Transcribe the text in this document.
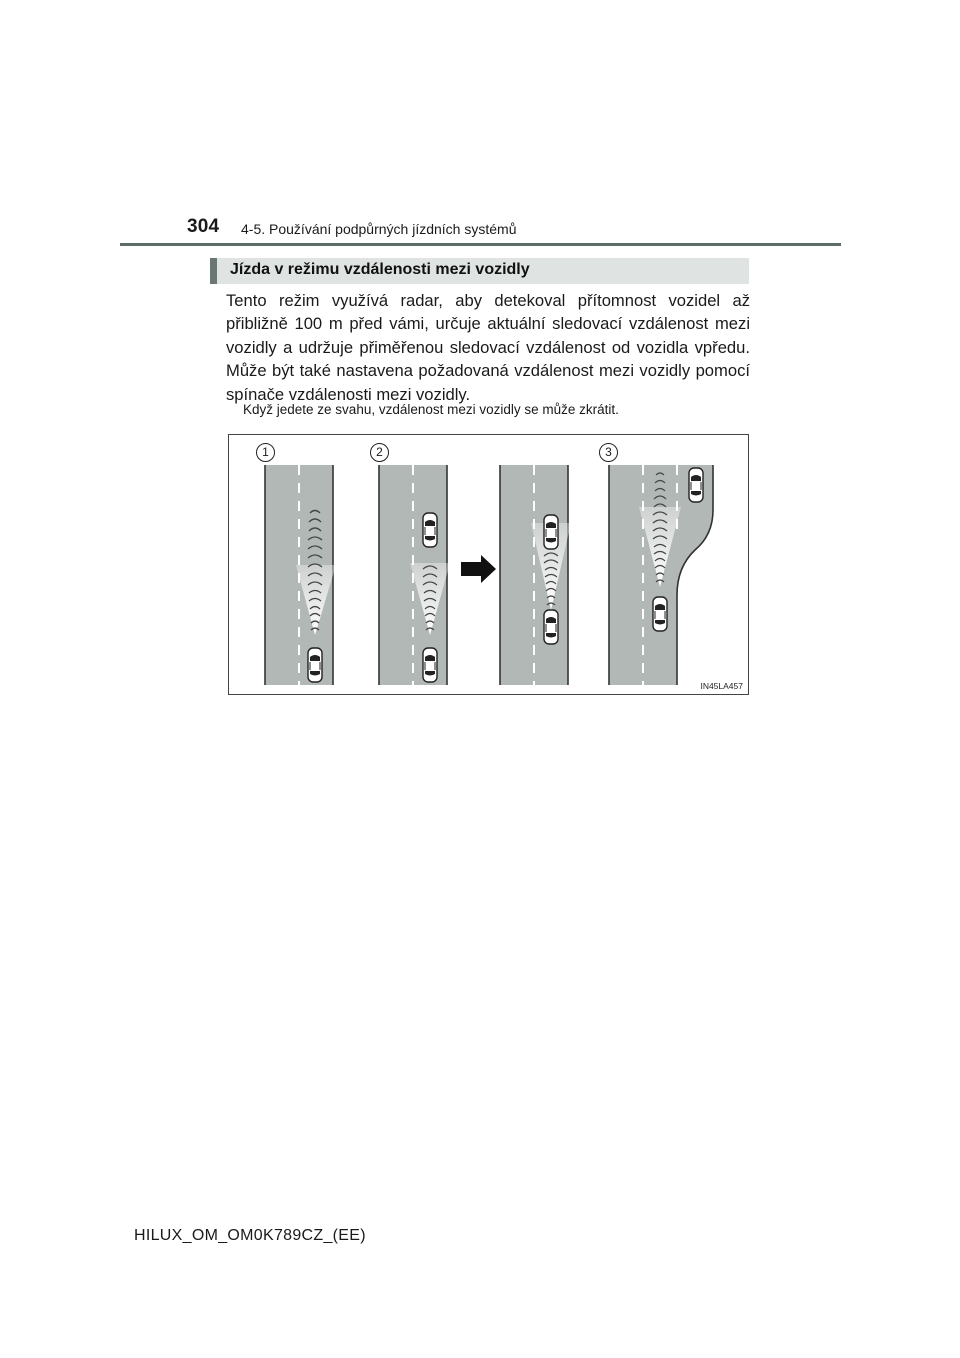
304 4-5. Používání podpůrných jízdních systémů
Jízda v režimu vzdálenosti mezi vozidly
Tento režim využívá radar, aby detekoval přítomnost vozidel až přibližně 100 m před vámi, určuje aktuální sledovací vzdálenost mezi vozidly a udržuje přiměřenou sledovací vzdálenost od vozidla vpředu. Může být také nastavena požadovaná vzdálenost mezi vozidly pomocí spínače vzdálenosti mezi vozidly.
Když jedete ze svahu, vzdálenost mezi vozidly se může zkrátit.
1	2	3
IN45LA457
HILUX_OM_OM0K789CZ_(EE)
